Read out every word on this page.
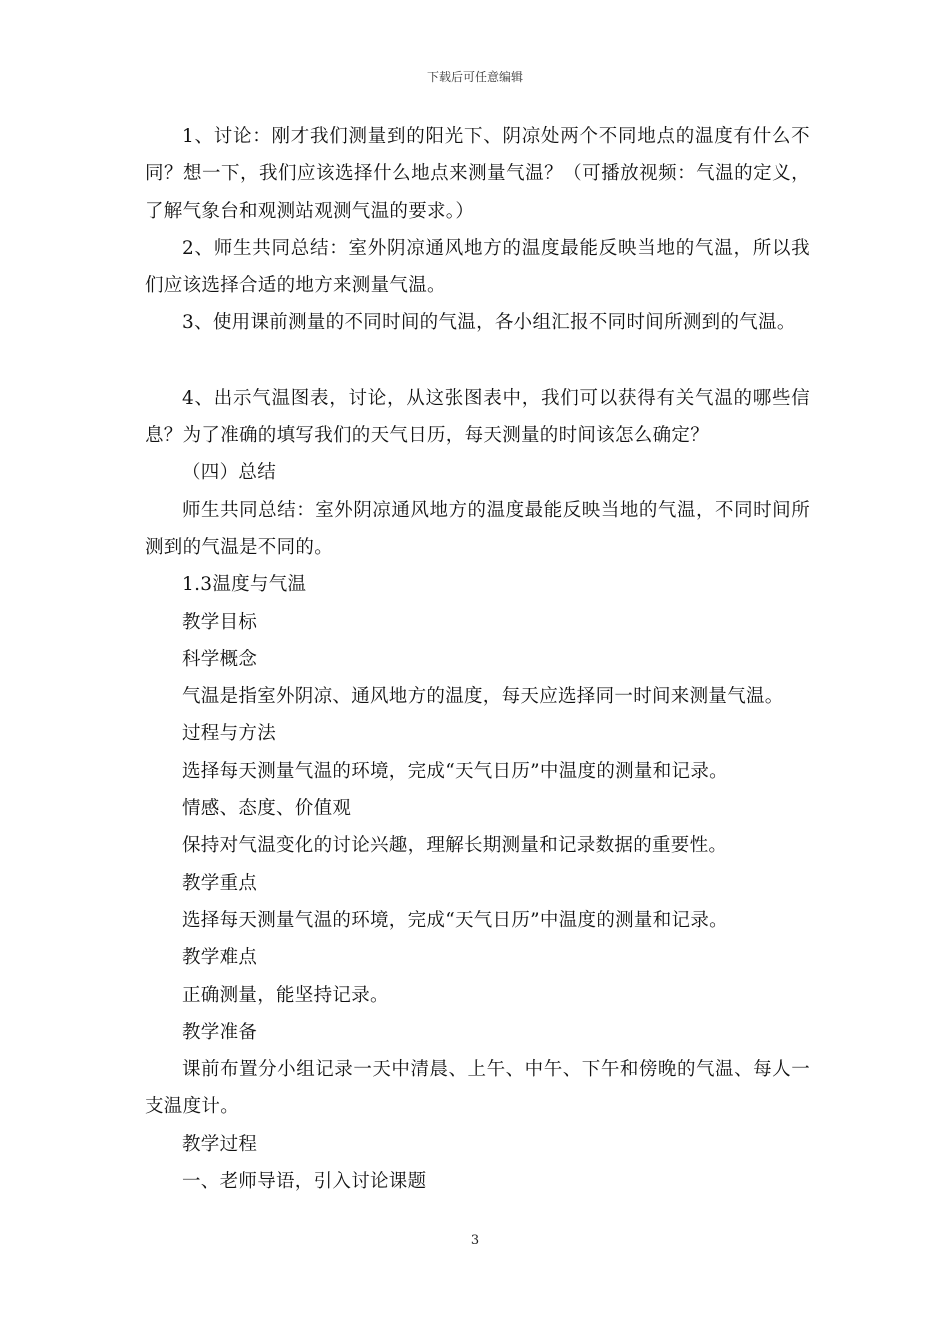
下载后可任意编辑

1、讨论：刚才我们测量到的阳光下、阴凉处两个不同地点的温度有什么不同？想一下，我们应该选择什么地点来测量气温？（可播放视频：气温的定义，了解气象台和观测站观测气温的要求。）

2、师生共同总结：室外阴凉通风地方的温度最能反映当地的气温，所以我们应该选择合适的地方来测量气温。

3、使用课前测量的不同时间的气温，各小组汇报不同时间所测到的气温。

4、出示气温图表，讨论，从这张图表中，我们可以获得有关气温的哪些信息？为了准确的填写我们的天气日历，每天测量的时间该怎么确定？

（四）总结

师生共同总结：室外阴凉通风地方的温度最能反映当地的气温，不同时间所测到的气温是不同的。

1.3温度与气温

教学目标

科学概念

气温是指室外阴凉、通风地方的温度，每天应选择同一时间来测量气温。

过程与方法

选择每天测量气温的环境，完成“天气日历”中温度的测量和记录。

情感、态度、价值观

保持对气温变化的讨论兴趣，理解长期测量和记录数据的重要性。

教学重点

选择每天测量气温的环境，完成“天气日历”中温度的测量和记录。

教学难点

正确测量，能坚持记录。

教学准备

课前布置分小组记录一天中清晨、上午、中午、下午和傍晚的气温、每人一支温度计。

教学过程

一、老师导语，引入讨论课题

3
